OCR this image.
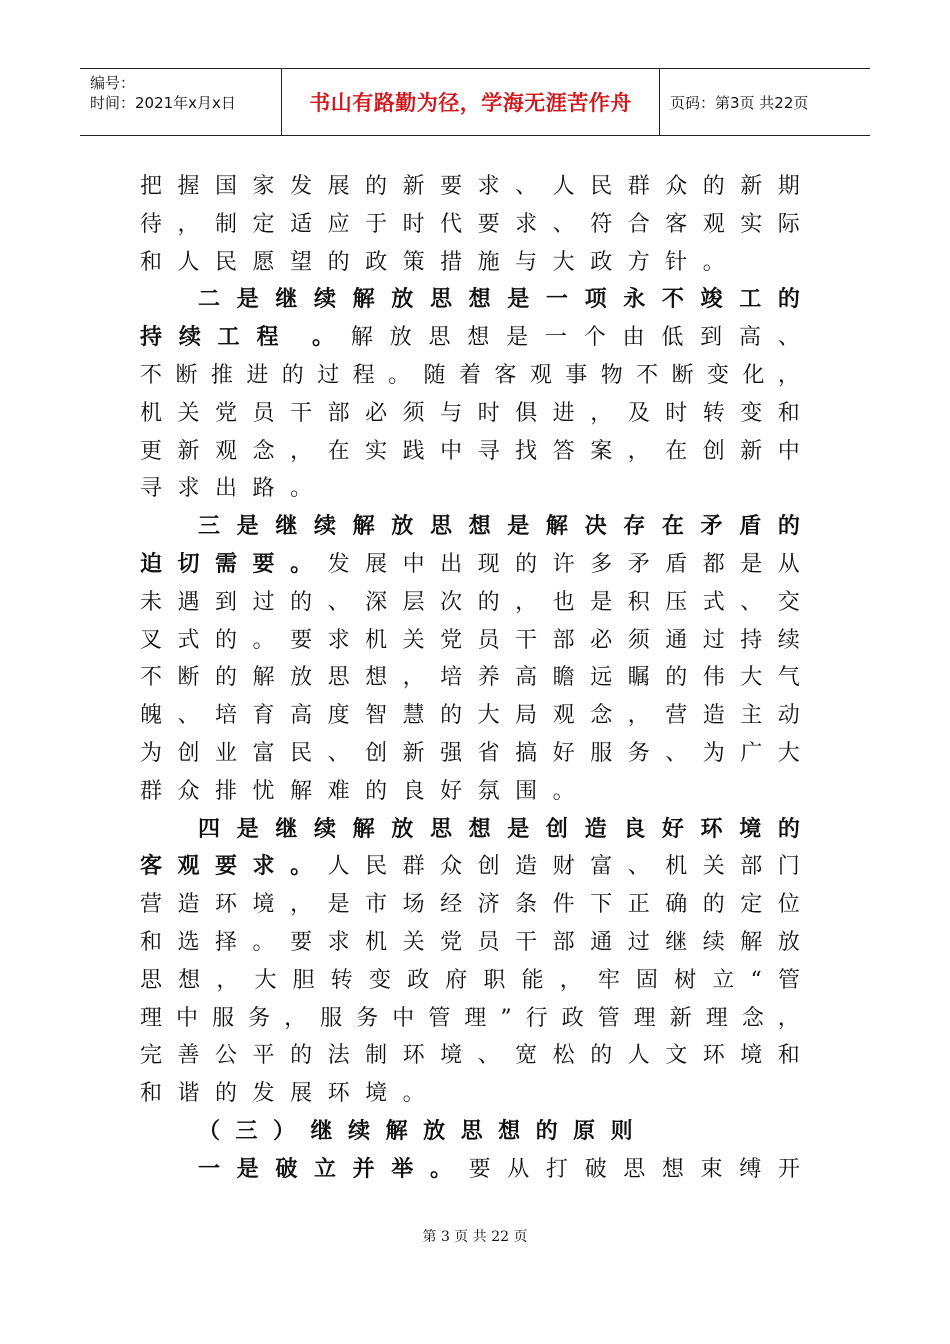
编号：
时间：2021年x月x日	书山有路勤为径，学海无涯苦作舟	页码：第3页 共22页
把 握 国 家 发 展 的 新 要 求 、 人 民 群 众 的 新 期
待 ， 制 定 适 应 于 时 代 要 求 、 符 合 客 观 实 际
和 人 民 愿 望 的 政 策 措 施 与 大 政 方 针 。
二 是 继 续 解 放 思 想 是 一 项 永 不 竣 工 的
持 续 工 程 。 解 放 思 想 是 一 个 由 低 到 高 、
不 断 推 进 的 过 程 。 随 着 客 观 事 物 不 断 变 化 ，
机 关 党 员 干 部 必 须 与 时 俱 进 ， 及 时 转 变 和
更 新 观 念 ， 在 实 践 中 寻 找 答 案 ， 在 创 新 中
寻 求 出 路 。
三 是 继 续 解 放 思 想 是 解 决 存 在 矛 盾 的
迫 切 需 要 。 发 展 中 出 现 的 许 多 矛 盾 都 是 从
未 遇 到 过 的 、 深 层 次 的 ， 也 是 积 压 式 、 交
叉 式 的 。 要 求 机 关 党 员 干 部 必 须 通 过 持 续
不 断 的 解 放 思 想 ， 培 养 高 瞻 远 瞩 的 伟 大 气
魄 、 培 育 高 度 智 慧 的 大 局 观 念 ， 营 造 主 动
为 创 业 富 民 、 创 新 强 省 搞 好 服 务 、 为 广 大
群 众 排 忧 解 难 的 良 好 氛 围 。
四 是 继 续 解 放 思 想 是 创 造 良 好 环 境 的
客 观 要 求 。 人 民 群 众 创 造 财 富 、 机 关 部 门
营 造 环 境 ， 是 市 场 经 济 条 件 下 正 确 的 定 位
和 选 择 。 要 求 机 关 党 员 干 部 通 过 继 续 解 放
思 想 ， 大 胆 转 变 政 府 职 能 ， 牢 固 树 立 “ 管
理 中 服 务 ， 服 务 中 管 理 ” 行 政 管 理 新 理 念 ，
完 善 公 平 的 法 制 环 境 、 宽 松 的 人 文 环 境 和
和 谐 的 发 展 环 境 。
（ 三 ） 继 续 解 放 思 想 的 原 则
一 是 破 立 并 举 。 要 从 打 破 思 想 束 缚 开
第 3 页 共 22 页
